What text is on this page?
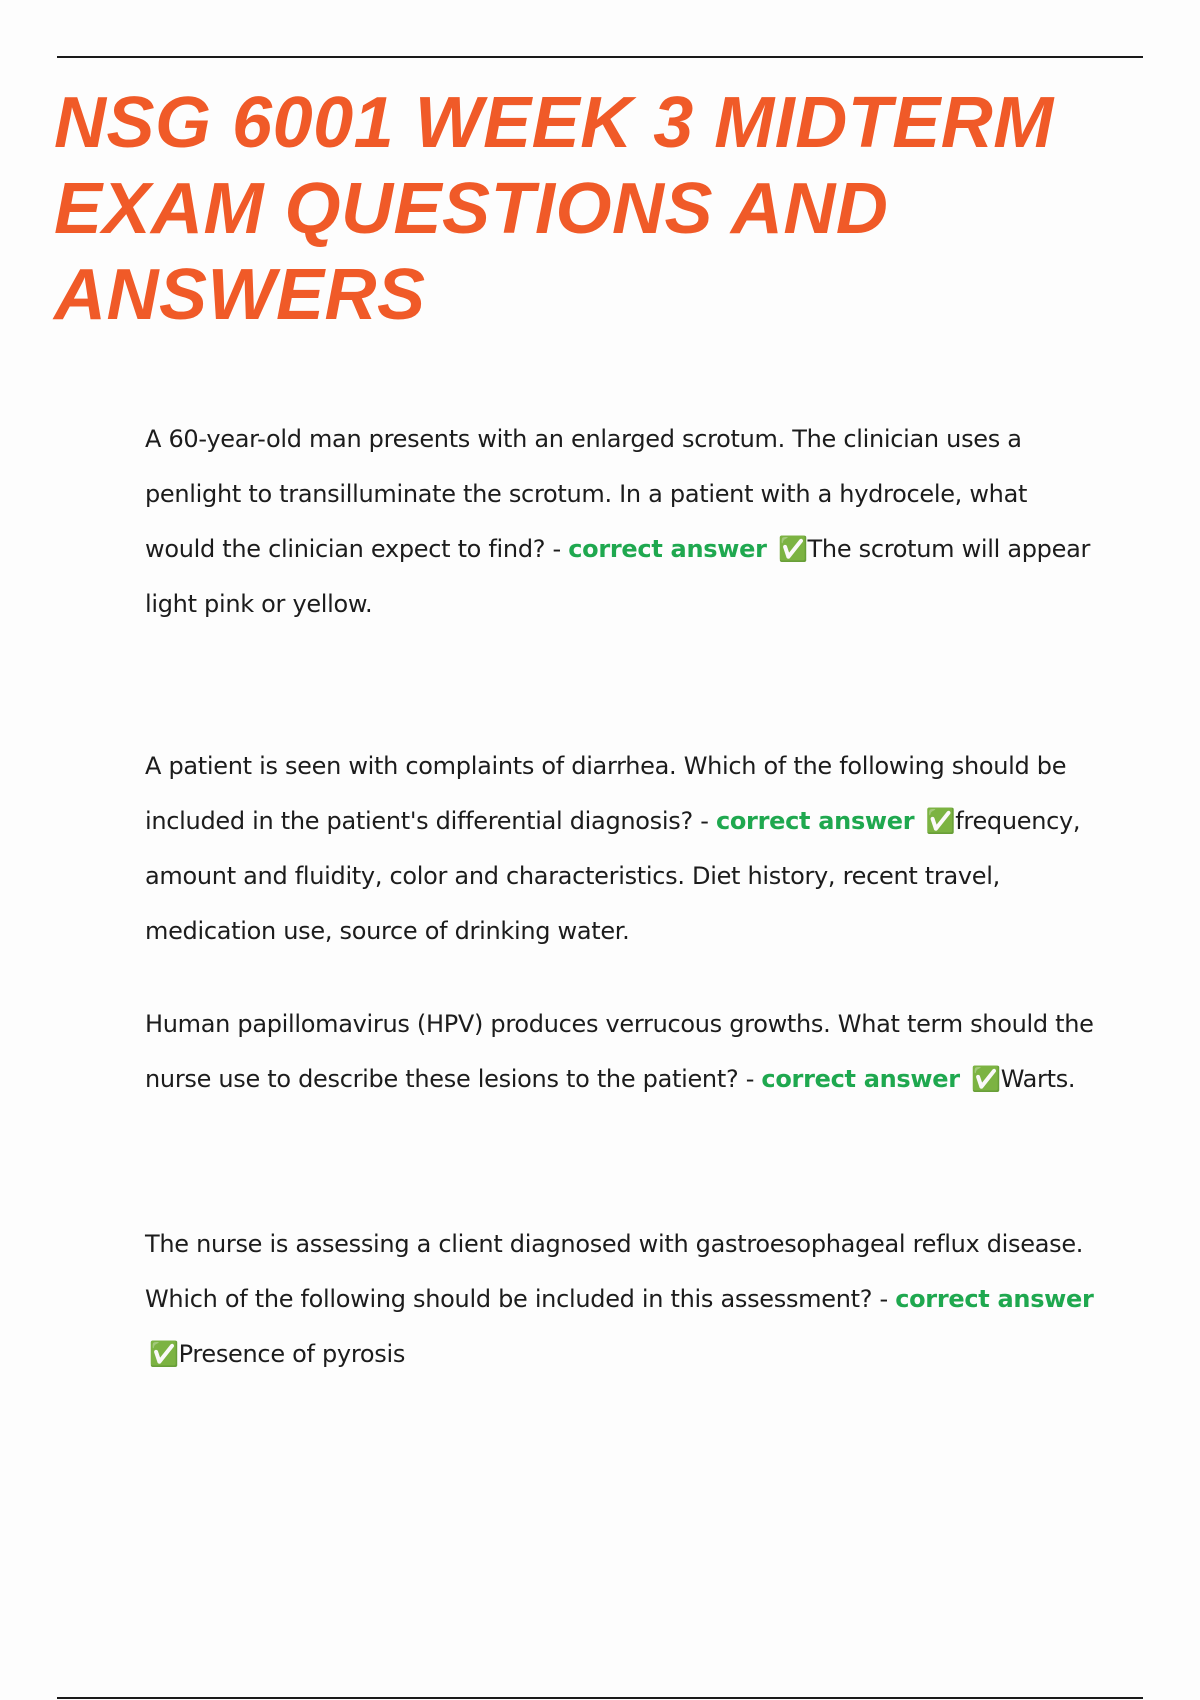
NSG 6001 WEEK 3 MIDTERM
EXAM QUESTIONS AND
ANSWERS

A 60-year-old man presents with an enlarged scrotum. The clinician uses a penlight to transilluminate the scrotum. In a patient with a hydrocele, what would the clinician expect to find? - correct answer ✅The scrotum will appear light pink or yellow.

A patient is seen with complaints of diarrhea. Which of the following should be included in the patient's differential diagnosis? - correct answer ✅frequency, amount and fluidity, color and characteristics. Diet history, recent travel, medication use, source of drinking water.

Human papillomavirus (HPV) produces verrucous growths. What term should the nurse use to describe these lesions to the patient? - correct answer ✅Warts.

The nurse is assessing a client diagnosed with gastroesophageal reflux disease. Which of the following should be included in this assessment? - correct answer ✅Presence of pyrosis
